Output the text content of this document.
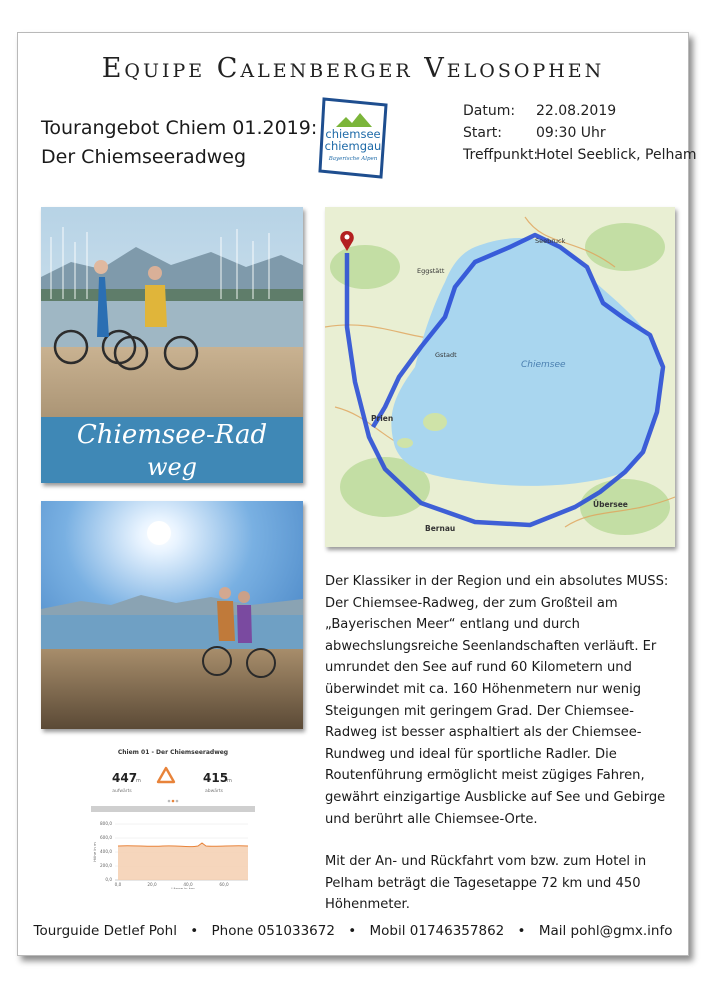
Equipe Calenberger Velosophen
Tourangebot Chiem 01.2019:
Der Chiemseeradweg
chiemsee
chiemgau
Bayerische Alpen
Datum: 22.08.2019
Start: 09:30 Uhr
Treffpunkt:
Hotel Seeblick, Pelham
Chiemsee-Rad
weg
Chiemsee
Prien
Bernau
Übersee
Seebruck
Gstadt
Eggstätt
Chiem 01 - Der Chiemseeradweg
447
m
aufwärts
415
m
abwärts
800,0
600,0
400,0
200,0
0,0
Höhe in m
0,0	20,0	40,0	60,0
Länge in km

Der Klassiker in der Region und ein absolutes MUSS: Der Chiemsee-Radweg, der zum Großteil am „Bayerischen Meer“ entlang und durch abwechslungsreiche Seenlandschaften verläuft. Er umrundet den See auf rund 60 Kilometern und überwindet mit ca. 160 Höhenmetern nur wenig Steigungen mit geringem Grad. Der Chiemsee-Radweg ist besser asphaltiert als der Chiemsee-Rundweg und ideal für sportliche Radler. Die Routenführung ermöglicht meist zügiges Fahren, gewährt einzigartige Ausblicke auf See und Gebirge und berührt alle Chiemsee-Orte.

Mit der An- und Rückfahrt vom bzw. zum Hotel in Pelham beträgt die Tagesetappe 72 km und 450 Höhenmeter.

Tourguide Detlef Pohl • Phone 051033672 • Mobil 01746357862 • Mail pohl@gmx.info
